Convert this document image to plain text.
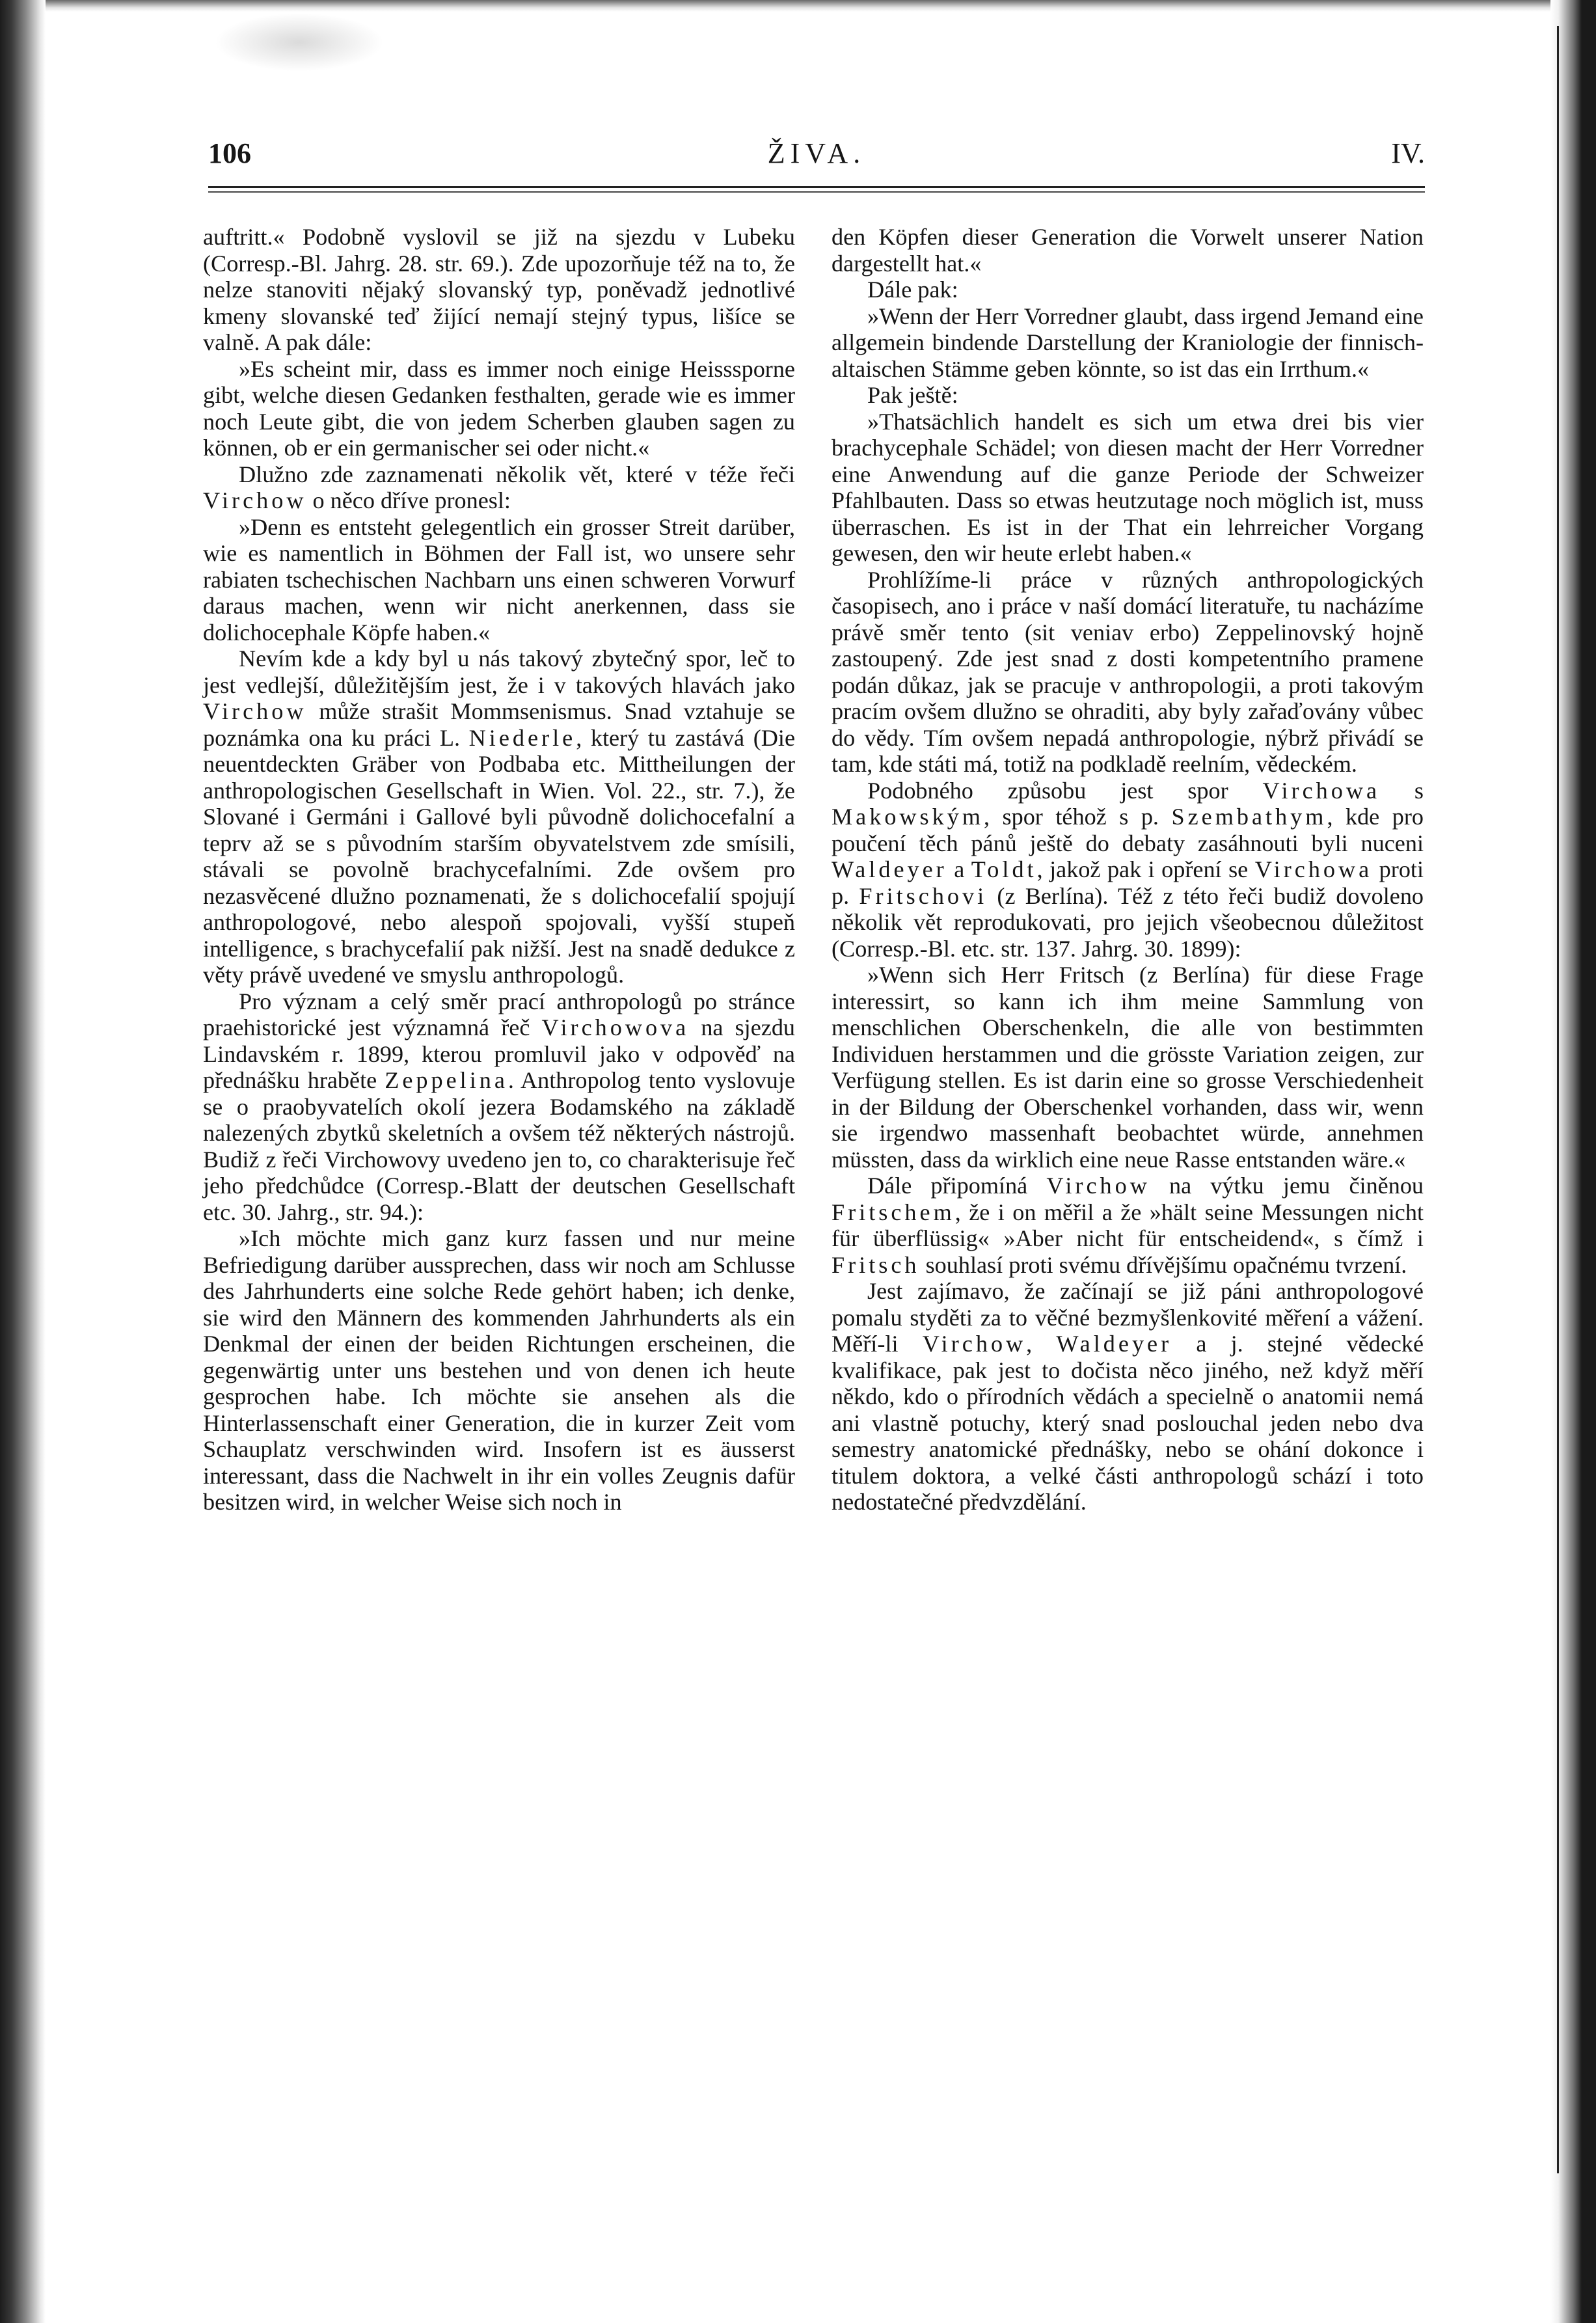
106	ŽIVA.	IV.

auftritt.« Podobně vyslovil se již na sjezdu v Lubeku (Corresp.-Bl. Jahrg. 28. str. 69.). Zde upozorňuje též na to, že nelze stanoviti nějaký slovanský typ, poněvadž jednotlivé kmeny slovanské teď žijící nemají stejný typus, lišíce se valně. A pak dále:

»Es scheint mir, dass es immer noch einige Heisssporne gibt, welche diesen Gedanken festhalten, gerade wie es immer noch Leute gibt, die von jedem Scherben glauben sagen zu können, ob er ein germanischer sei oder nicht.«

Dlužno zde zaznamenati několik vět, které v téže řeči Virchow o něco dříve pronesl:

»Denn es entsteht gelegentlich ein grosser Streit darüber, wie es namentlich in Böhmen der Fall ist, wo unsere sehr rabiaten tschechischen Nachbarn uns einen schweren Vorwurf daraus machen, wenn wir nicht anerkennen, dass sie dolichocephale Köpfe haben.«

Nevím kde a kdy byl u nás takový zbytečný spor, leč to jest vedlejší, důležitějším jest, že i v takových hlavách jako Virchow může strašit Mommsenismus. Snad vztahuje se poznámka ona ku práci L. Niederle, který tu zastává (Die neuentdeckten Gräber von Podbaba etc. Mittheilungen der anthropologischen Gesellschaft in Wien. Vol. 22., str. 7.), že Slované i Germáni i Gallové byli původně dolichocefalní a teprv až se s původním starším obyvatelstvem zde smísili, stávali se povolně brachycefalními. Zde ovšem pro nezasvěcené dlužno poznamenati, že s dolichocefalií spojují anthropologové, nebo alespoň spojovali, vyšší stupeň intelligence, s brachycefalií pak nižší. Jest na snadě dedukce z věty právě uvedené ve smyslu anthropologů.

Pro význam a celý směr prací anthropologů po stránce praehistorické jest významná řeč Virchowova na sjezdu Lindavském r. 1899, kterou promluvil jako v odpověď na přednášku hraběte Zeppelina. Anthropolog tento vyslovuje se o praobyvatelích okolí jezera Bodamského na základě nalezených zbytků skeletních a ovšem též některých nástrojů. Budiž z řeči Virchowovy uvedeno jen to, co charakterisuje řeč jeho předchůdce (Corresp.-Blatt der deutschen Gesellschaft etc. 30. Jahrg., str. 94.):

»Ich möchte mich ganz kurz fassen und nur meine Befriedigung darüber aussprechen, dass wir noch am Schlusse des Jahrhunderts eine solche Rede gehört haben; ich denke, sie wird den Männern des kommenden Jahrhunderts als ein Denkmal der einen der beiden Richtungen erscheinen, die gegenwärtig unter uns bestehen und von denen ich heute gesprochen habe. Ich möchte sie ansehen als die Hinterlassenschaft einer Generation, die in kurzer Zeit vom Schauplatz verschwinden wird. Insofern ist es äusserst interessant, dass die Nachwelt in ihr ein volles Zeugnis dafür besitzen wird, in welcher Weise sich noch in

den Köpfen dieser Generation die Vorwelt unserer Nation dargestellt hat.«

Dále pak:

»Wenn der Herr Vorredner glaubt, dass irgend Jemand eine allgemein bindende Darstellung der Kraniologie der finnisch-altaischen Stämme geben könnte, so ist das ein Irrthum.«

Pak ještě:

»Thatsächlich handelt es sich um etwa drei bis vier brachycephale Schädel; von diesen macht der Herr Vorredner eine Anwendung auf die ganze Periode der Schweizer Pfahlbauten. Dass so etwas heutzutage noch möglich ist, muss überraschen. Es ist in der That ein lehrreicher Vorgang gewesen, den wir heute erlebt haben.«

Prohlížíme-li práce v různých anthropologických časopisech, ano i práce v naší domácí literatuře, tu nacházíme právě směr tento (sit veniav erbo) Zeppelinovský hojně zastoupený. Zde jest snad z dosti kompetentního pramene podán důkaz, jak se pracuje v anthropologii, a proti takovým pracím ovšem dlužno se ohraditi, aby byly zařaďovány vůbec do vědy. Tím ovšem nepadá anthropologie, nýbrž přivádí se tam, kde státi má, totiž na podkladě reelním, vědeckém.

Podobného způsobu jest spor Virchowa s Makowským, spor téhož s p. Szembathym, kde pro poučení těch pánů ještě do debaty zasáhnouti byli nuceni Waldeyer a Toldt, jakož pak i opření se Virchowa proti p. Fritschovi (z Berlína). Též z této řeči budiž dovoleno několik vět reprodukovati, pro jejich všeobecnou důležitost (Corresp.-Bl. etc. str. 137. Jahrg. 30. 1899):

»Wenn sich Herr Fritsch (z Berlína) für diese Frage interessirt, so kann ich ihm meine Sammlung von menschlichen Oberschenkeln, die alle von bestimmten Individuen herstammen und die grösste Variation zeigen, zur Verfügung stellen. Es ist darin eine so grosse Verschiedenheit in der Bildung der Oberschenkel vorhanden, dass wir, wenn sie irgendwo massenhaft beobachtet würde, annehmen müssten, dass da wirklich eine neue Rasse entstanden wäre.«

Dále připomíná Virchow na výtku jemu činěnou Fritschem, že i on měřil a že »hält seine Messungen nicht für überflüssig« »Aber nicht für entscheidend«, s čímž i Fritsch souhlasí proti svému dřívějšímu opačnému tvrzení.

Jest zajímavo, že začínají se již páni anthropologové pomalu styděti za to věčné bezmyšlenkovité měření a vážení. Měří-li Virchow, Waldeyer a j. stejné vědecké kvalifikace, pak jest to dočista něco jiného, než když měří někdo, kdo o přírodních vědách a specielně o anatomii nemá ani vlastně potuchy, který snad poslouchal jeden nebo dva semestry anatomické přednášky, nebo se ohání dokonce i titulem doktora, a velké části anthropologů schází i toto nedostatečné předvzdělání.
